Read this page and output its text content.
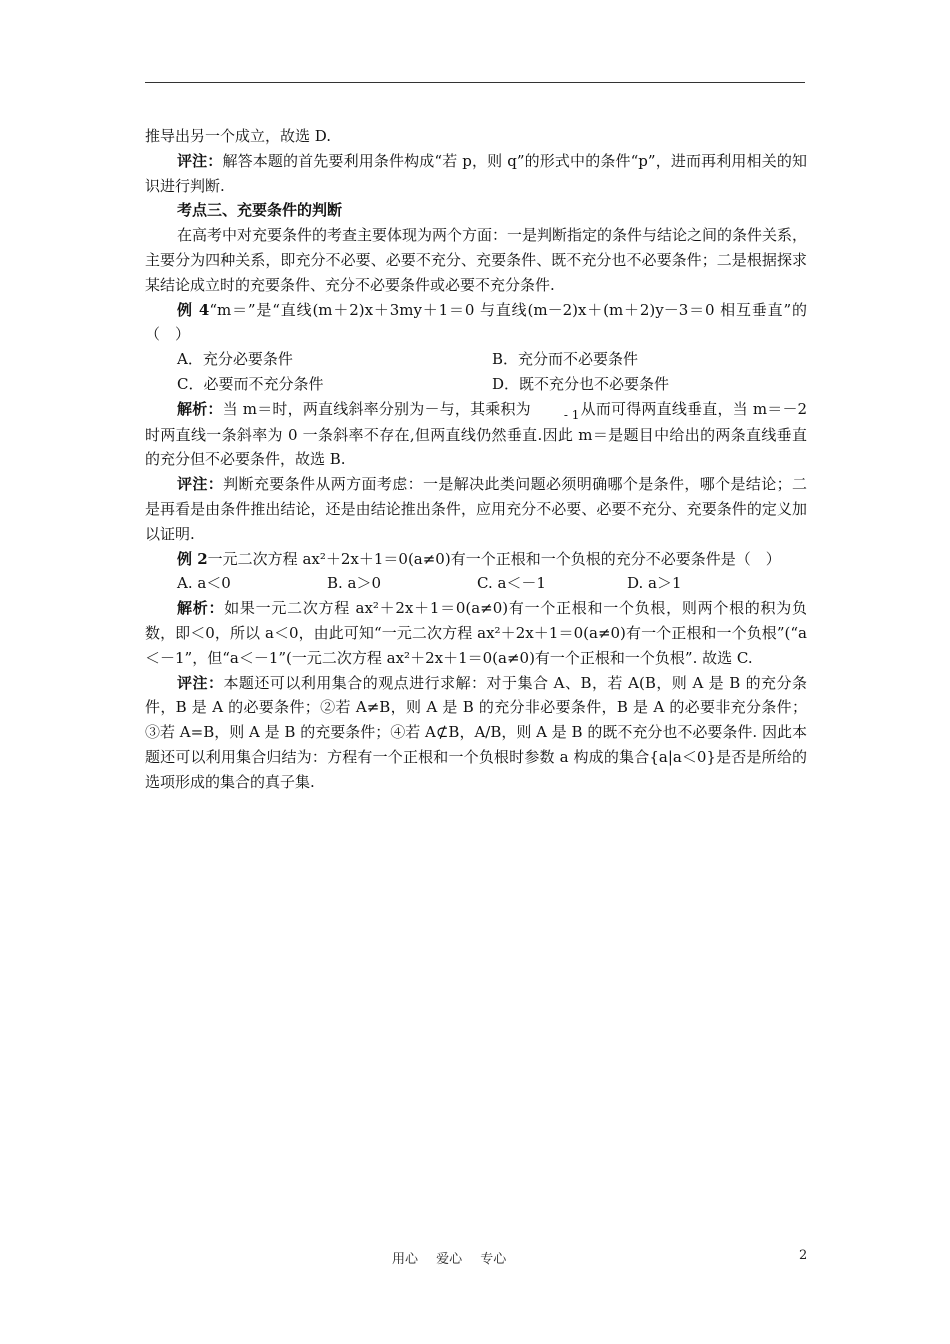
推导出另一个成立，故选 D.

评注：解答本题的首先要利用条件构成“若 p，则 q”的形式中的条件“p”，进而再利用相关的知识进行判断.

考点三、充要条件的判断

在高考中对充要条件的考查主要体现为两个方面：一是判断指定的条件与结论之间的条件关系，主要分为四种关系，即充分不必要、必要不充分、充要条件、既不充分也不必要条件；二是根据探求某结论成立时的充要条件、充分不必要条件或必要不充分条件.

例 4“m＝”是“直线(m＋2)x＋3my＋1＝0 与直线(m－2)x＋(m＋2)y－3＝0 相互垂直”的（　）

A．充分必要条件	B．充分而不必要条件
C．必要而不充分条件	D．既不充分也不必要条件

解析：当 m＝时，两直线斜率分别为－与，其乘积为	- 1从而可得两直线垂直，当 m＝－2 时两直线一条斜率为 0 一条斜率不存在,但两直线仍然垂直.因此 m＝是题目中给出的两条直线垂直的充分但不必要条件，故选 B.

评注：判断充要条件从两方面考虑：一是解决此类问题必须明确哪个是条件，哪个是结论；二是再看是由条件推出结论，还是由结论推出条件，应用充分不必要、必要不充分、充要条件的定义加以证明.

例 2一元二次方程 ax²＋2x＋1＝0(a≠0)有一个正根和一个负根的充分不必要条件是（　）

A. a＜0	B. a＞0	C. a＜－1	D. a＞1

解析：如果一元二次方程 ax²＋2x＋1＝0(a≠0)有一个正根和一个负根，则两个根的积为负数，即＜0，所以 a＜0，由此可知“一元二次方程 ax²＋2x＋1＝0(a≠0)有一个正根和一个负根”(“a＜－1”，但“a＜－1”(一元二次方程 ax²＋2x＋1＝0(a≠0)有一个正根和一个负根”. 故选 C.

评注：本题还可以利用集合的观点进行求解：对于集合 A、B，若 A(B，则 A 是 B 的充分条件，B 是 A 的必要条件；②若 A≠B，则 A 是 B 的充分非必要条件，B 是 A 的必要非充分条件；③若 A=B，则 A 是 B 的充要条件；④若 A⊄B，A/B，则 A 是 B 的既不充分也不必要条件. 因此本题还可以利用集合归结为：方程有一个正根和一个负根时参数 a 构成的集合{a|a＜0}是否是所给的选项形成的集合的真子集.

用心 爱心 专心	2
